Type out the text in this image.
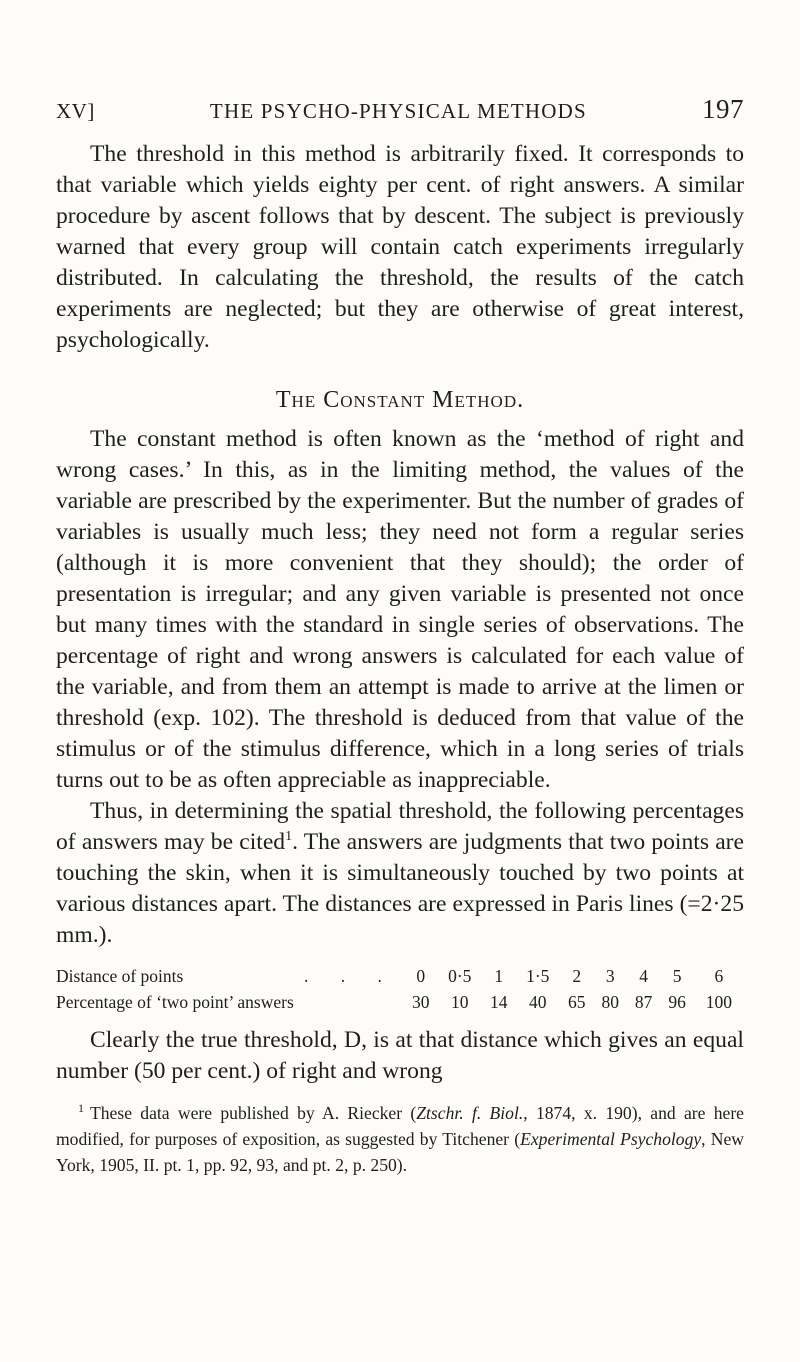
XV]	THE PSYCHO-PHYSICAL METHODS	197

The threshold in this method is arbitrarily fixed. It corresponds to that variable which yields eighty per cent. of right answers. A similar procedure by ascent follows that by descent. The subject is previously warned that every group will contain catch experiments irregularly distributed. In calculating the threshold, the results of the catch experiments are neglected; but they are otherwise of great interest, psychologically.

The Constant Method.

The constant method is often known as the ‘method of right and wrong cases.’ In this, as in the limiting method, the values of the variable are prescribed by the experimenter. But the number of grades of variables is usually much less; they need not form a regular series (although it is more convenient that they should); the order of presentation is irregular; and any given variable is presented not once but many times with the standard in single series of observations. The percentage of right and wrong answers is calculated for each value of the variable, and from them an attempt is made to arrive at the limen or threshold (exp. 102). The threshold is deduced from that value of the stimulus or of the stimulus difference, which in a long series of trials turns out to be as often appreciable as inappreciable.

Thus, in determining the spatial threshold, the following percentages of answers may be cited$^1$. The answers are judgments that two points are touching the skin, when it is simultaneously touched by two points at various distances apart. The distances are expressed in Paris lines (=2·25 mm.).

Distance of points	. . .	0	0·5	1	1·5	2	3	4	5	6
Percentage of ‘two point’ answers		30	10	14	40	65	80	87	96	100

Clearly the true threshold, D, is at that distance which gives an equal number (50 per cent.) of right and wrong

$^1$ These data were published by A. Riecker (Ztschr. f. Biol., 1874, x. 190), and are here modified, for purposes of exposition, as suggested by Titchener (Experimental Psychology, New York, 1905, II. pt. 1, pp. 92, 93, and pt. 2, p. 250).
